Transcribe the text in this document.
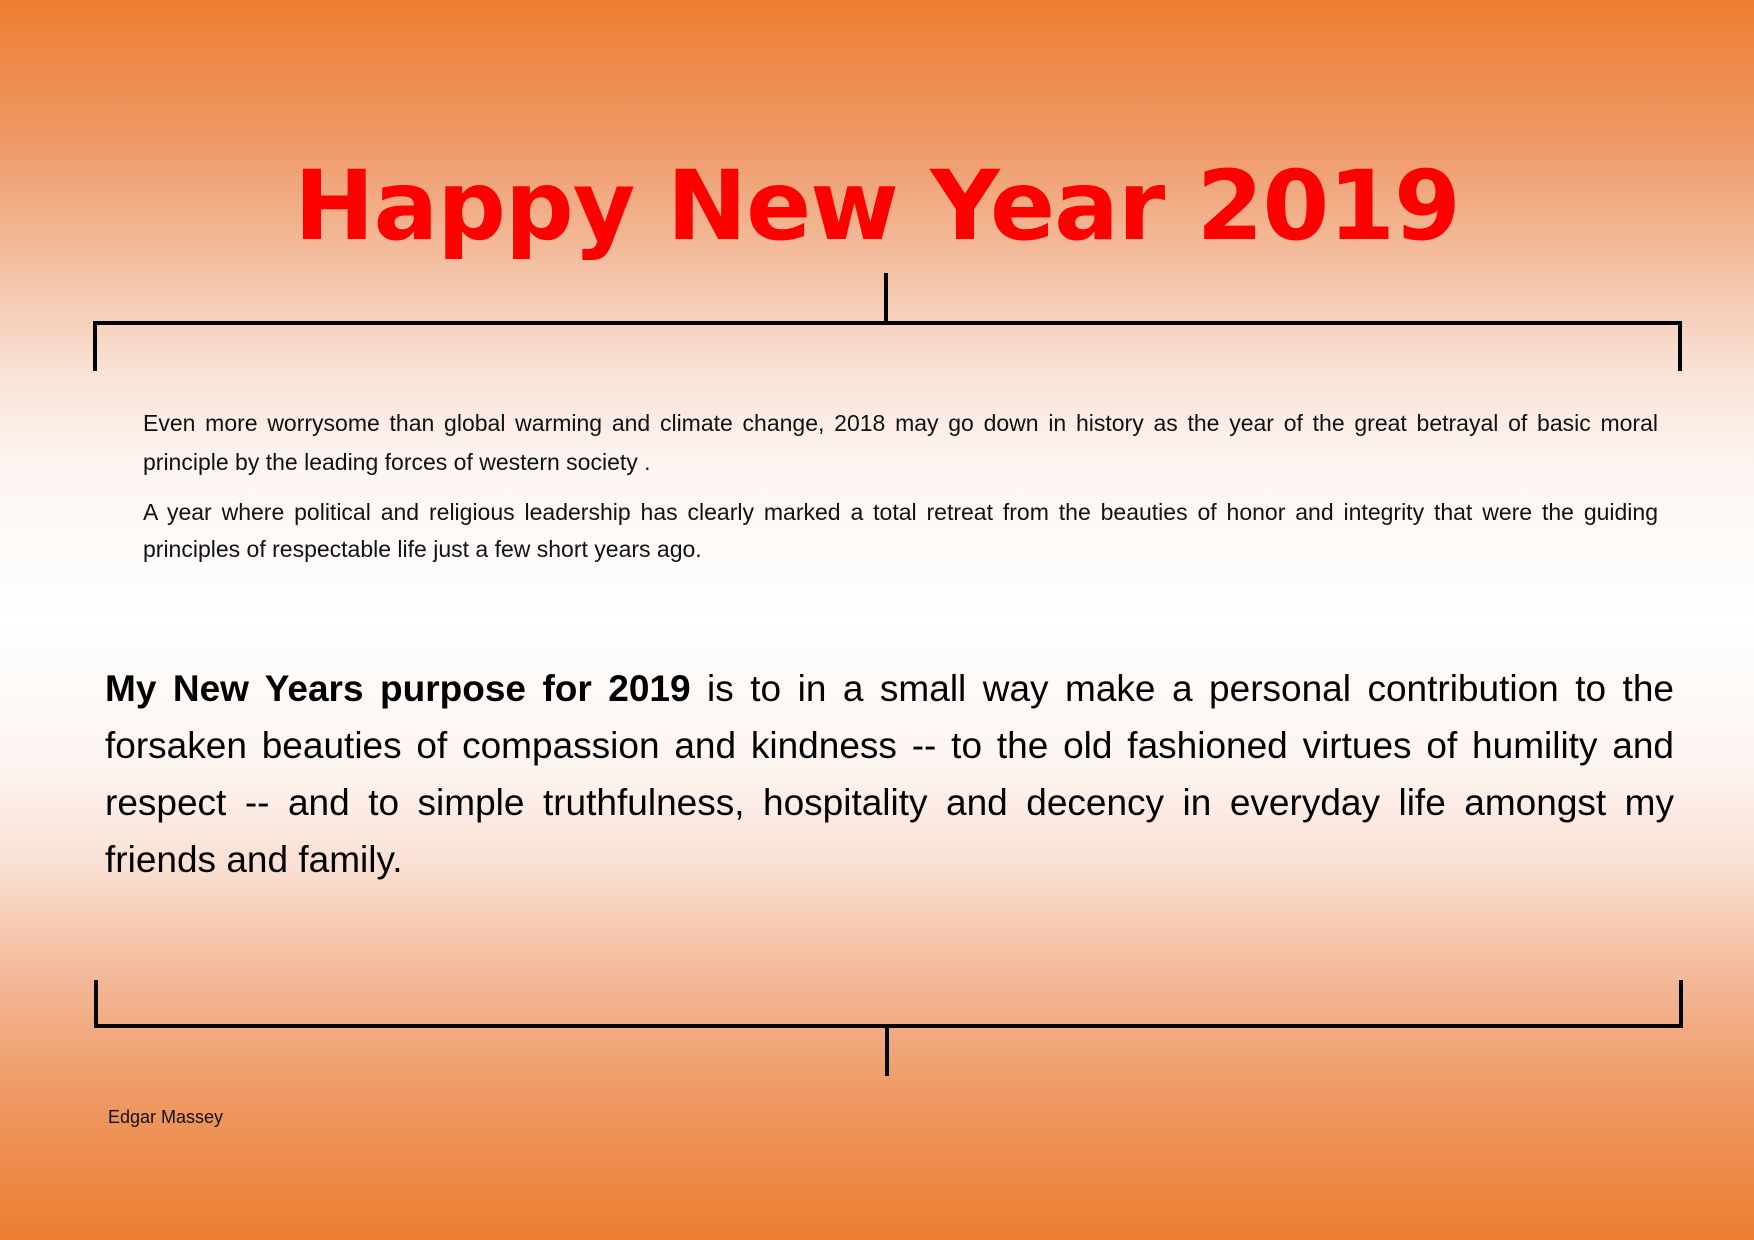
Happy New Year 2019

Even more worrysome than global warming and climate change, 2018 may go down in history as the year of the great betrayal of basic moral principle by the leading forces of western society .

A year where political and religious leadership has clearly marked a total retreat from the beauties of honor and integrity that were the guiding principles of respectable life just a few short years ago.

My New Years purpose for 2019 is to in a small way make a personal contribution to the forsaken beauties of compassion and kindness -- to the old fashioned virtues of humility and respect -- and to simple truthfulness, hospitality and decency in everyday life amongst my friends and family.

Edgar Massey
